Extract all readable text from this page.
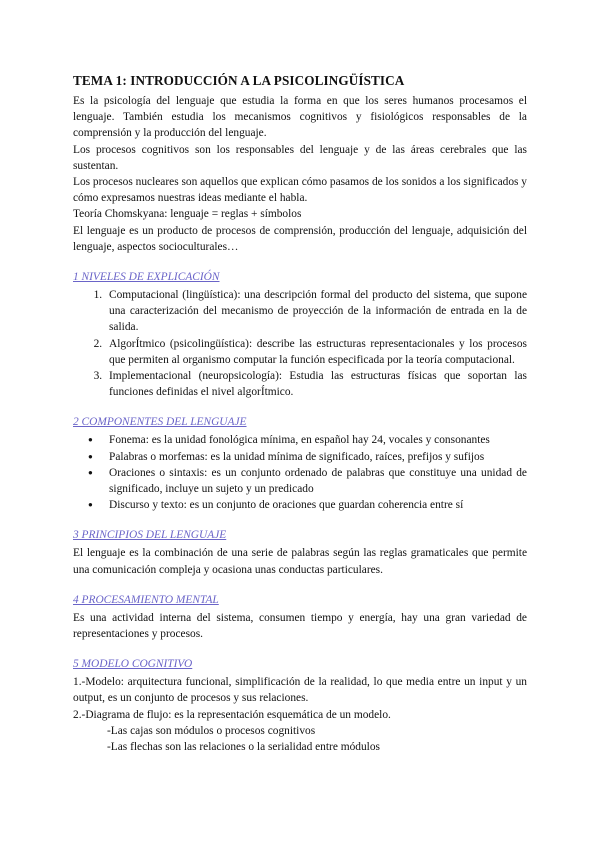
TEMA 1: INTRODUCCIÓN A LA PSICOLINGÜÍSTICA

Es la psicología del lenguaje que estudia la forma en que los seres humanos procesamos el lenguaje. También estudia los mecanismos cognitivos y fisiológicos responsables de la comprensión y la producción del lenguaje.

Los procesos cognitivos son los responsables del lenguaje y de las áreas cerebrales que las sustentan.

Los procesos nucleares son aquellos que explican cómo pasamos de los sonidos a los significados y cómo expresamos nuestras ideas mediante el habla.

Teoría Chomskyana: lenguaje = reglas + símbolos

El lenguaje es un producto de procesos de comprensión, producción del lenguaje, adquisición del lenguaje, aspectos socioculturales…

1 NIVELES DE EXPLICACIÓN
1. Computacional (lingüística): una descripción formal del producto del sistema, que supone una caracterización del mecanismo de proyección de la información de entrada en la de salida.
2. AlgorÍtmico (psicolingüística): describe las estructuras representacionales y los procesos que permiten al organismo computar la función especificada por la teoría computacional.
3. Implementacional (neuropsicología): Estudia las estructuras físicas que soportan las funciones definidas el nivel algorÍtmico.
2 COMPONENTES DEL LENGUAJE
● Fonema: es la unidad fonológica mínima, en español hay 24, vocales y consonantes
● Palabras o morfemas: es la unidad mínima de significado, raíces, prefijos y sufijos
● Oraciones o sintaxis: es un conjunto ordenado de palabras que constituye una unidad de significado, incluye un sujeto y un predicado
● Discurso y texto: es un conjunto de oraciones que guardan coherencia entre sí
3 PRINCIPIOS DEL LENGUAJE

El lenguaje es la combinación de una serie de palabras según las reglas gramaticales que permite una comunicación compleja y ocasiona unas conductas particulares.

4 PROCESAMIENTO MENTAL

Es una actividad interna del sistema, consumen tiempo y energía, hay una gran variedad de representaciones y procesos.

5 MODELO COGNITIVO

1.-Modelo: arquitectura funcional, simplificación de la realidad, lo que media entre un input y un output, es un conjunto de procesos y sus relaciones.

2.-Diagrama de flujo: es la representación esquemática de un modelo.

-Las cajas son módulos o procesos cognitivos

-Las flechas son las relaciones o la serialidad entre módulos
